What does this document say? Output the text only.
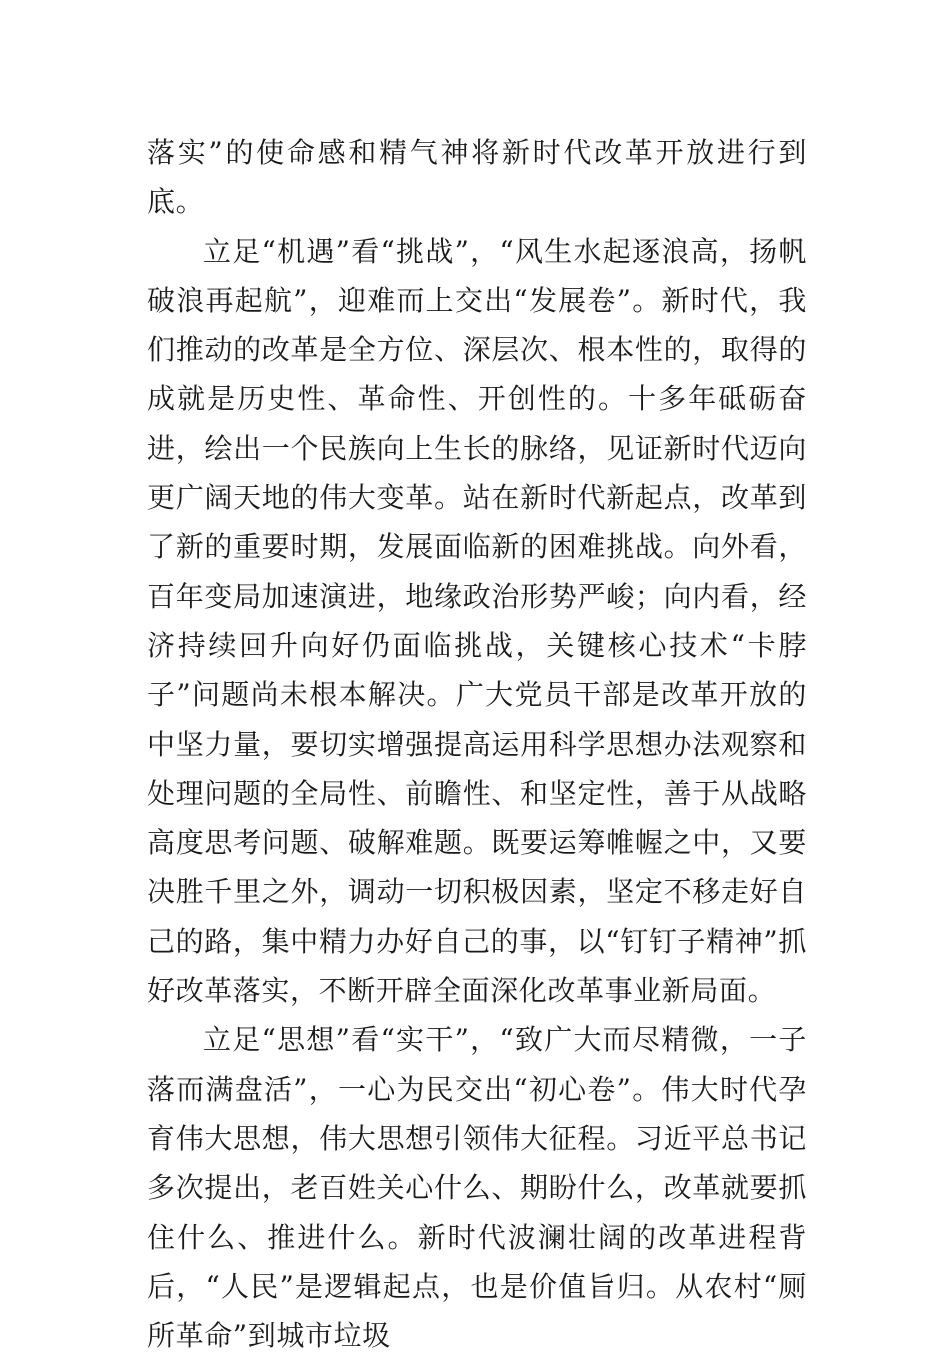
落实”的使命感和精气神将新时代改革开放进行到底。

立足“机遇”看“挑战”，“风生水起逐浪高，扬帆破浪再起航”，迎难而上交出“发展卷”。新时代，我们推动的改革是全方位、深层次、根本性的，取得的成就是历史性、革命性、开创性的。十多年砥砺奋进，绘出一个民族向上生长的脉络，见证新时代迈向更广阔天地的伟大变革。站在新时代新起点，改革到了新的重要时期，发展面临新的困难挑战。向外看，百年变局加速演进，地缘政治形势严峻；向内看，经济持续回升向好仍面临挑战，关键核心技术“卡脖子”问题尚未根本解决。广大党员干部是改革开放的中坚力量，要切实增强提高运用科学思想办法观察和处理问题的全局性、前瞻性、和坚定性，善于从战略高度思考问题、破解难题。既要运筹帷幄之中，又要决胜千里之外，调动一切积极因素，坚定不移走好自己的路，集中精力办好自己的事，以“钉钉子精神”抓好改革落实，不断开辟全面深化改革事业新局面。

立足“思想”看“实干”，“致广大而尽精微，一子落而满盘活”，一心为民交出“初心卷”。伟大时代孕育伟大思想，伟大思想引领伟大征程。习近平总书记多次提出，老百姓关心什么、期盼什么，改革就要抓住什么、推进什么。新时代波澜壮阔的改革进程背后，“人民”是逻辑起点，也是价值旨归。从农村“厕所革命”到城市垃圾
